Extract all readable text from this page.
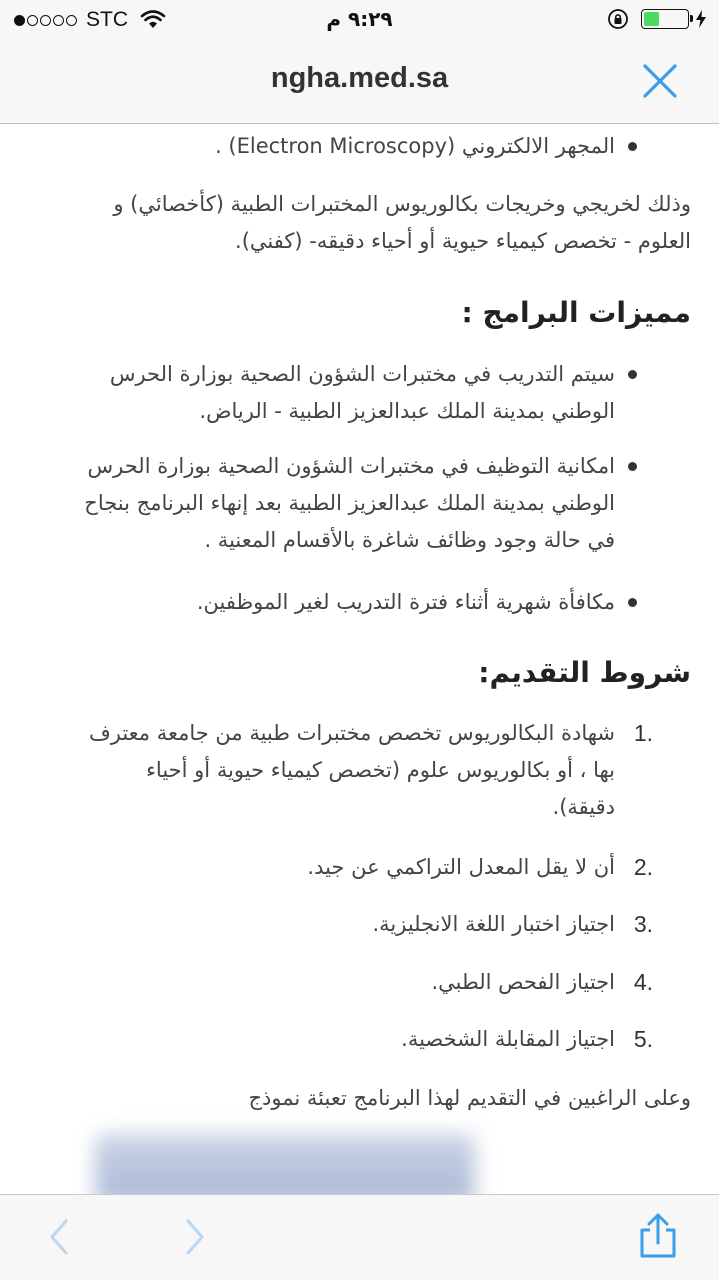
STC	٩:٢٩ م
ngha.med.sa
المجهر الالكتروني (Electron Microscopy) .
وذلك لخريجي وخريجات بكالوريوس المختبرات الطبية (كأخصائي) و
العلوم - تخصص كيمياء حيوية أو أحياء دقيقه- (كفني).
مميزات البرامج :
سيتم التدريب في مختبرات الشؤون الصحية بوزارة الحرس
الوطني بمدينة الملك عبدالعزيز الطبية - الرياض.
امكانية التوظيف في مختبرات الشؤون الصحية بوزارة الحرس
الوطني بمدينة الملك عبدالعزيز الطبية بعد إنهاء البرنامج بنجاح
في حالة وجود وظائف شاغرة بالأقسام المعنية .
مكافأة شهرية أثناء فترة التدريب لغير الموظفين.
شروط التقديم:
1.
شهادة البكالوريوس تخصص مختبرات طبية من جامعة معترف
بها ، أو بكالوريوس علوم (تخصص كيمياء حيوية أو أحياء
دقيقة).
2.
أن لا يقل المعدل التراكمي عن جيد.
3.
اجتياز اختبار اللغة الانجليزية.
4.
اجتياز الفحص الطبي.
5.
اجتياز المقابلة الشخصية.
وعلى الراغبين في التقديم لهذا البرنامج تعبئة نموذج
